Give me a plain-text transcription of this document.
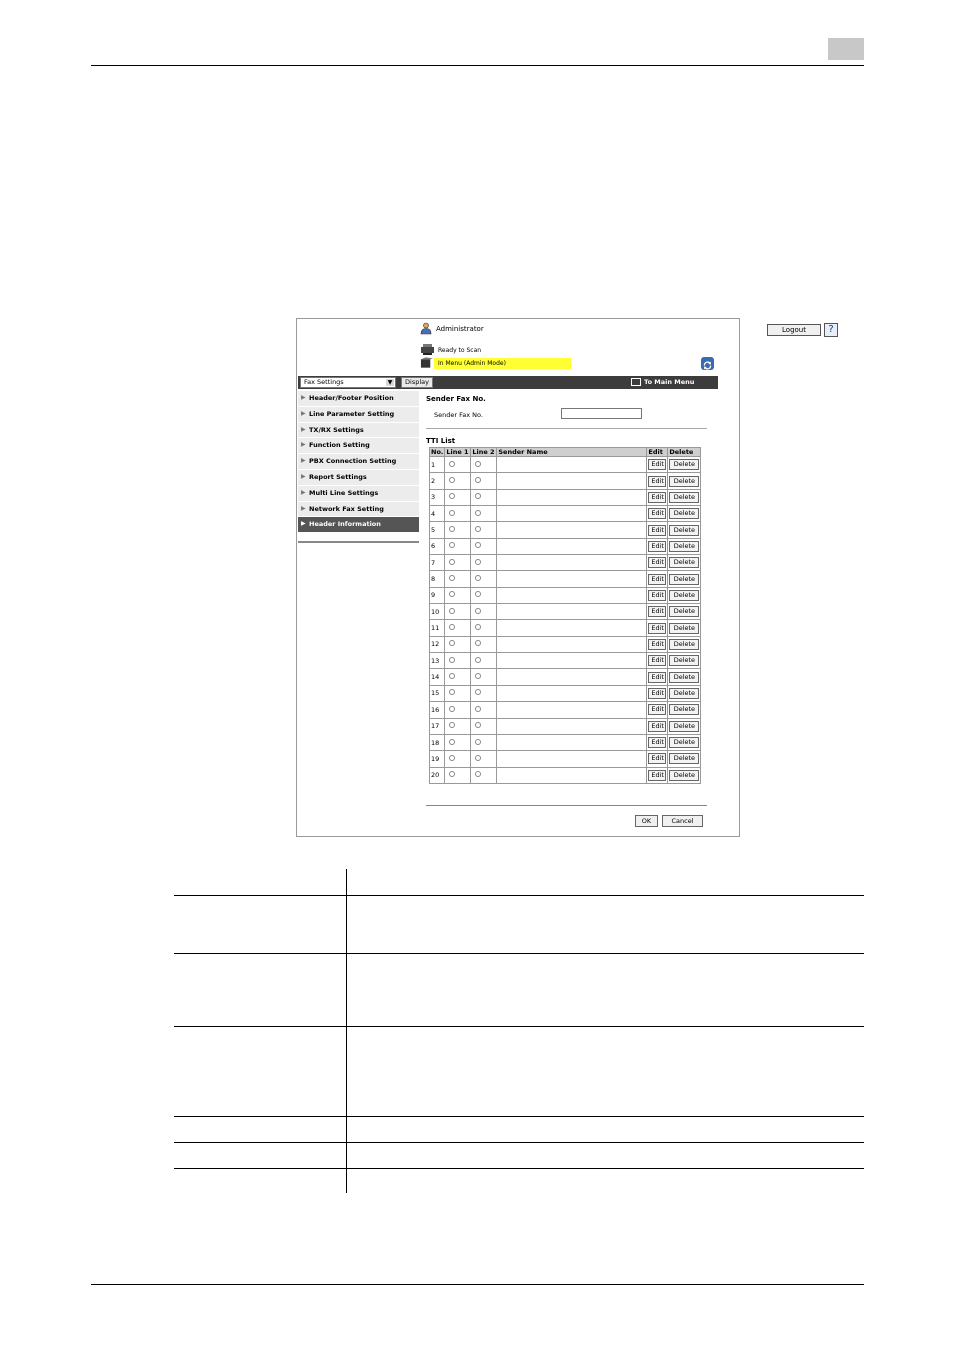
Administrator	Logout	?
Ready to Scan
In Menu (Admin Mode)
Fax Settings	▼	Display	To Main Menu
▶ Header/Footer Position
▶ Line Parameter Setting
▶ TX/RX Settings
▶ Function Setting
▶ PBX Connection Setting
▶ Report Settings
▶ Multi Line Settings
▶ Network Fax Setting
▶ Header Information
Sender Fax No.
Sender Fax No.
TTI List
No.	Line 1	Line 2	Sender Name	Edit	Delete
1				Edit	Delete
2				Edit	Delete
3				Edit	Delete
4				Edit	Delete
5				Edit	Delete
6				Edit	Delete
7				Edit	Delete
8				Edit	Delete
9				Edit	Delete
10				Edit	Delete
11				Edit	Delete
12				Edit	Delete
13				Edit	Delete
14				Edit	Delete
15				Edit	Delete
16				Edit	Delete
17				Edit	Delete
18				Edit	Delete
19				Edit	Delete
20				Edit	Delete
OK	Cancel
